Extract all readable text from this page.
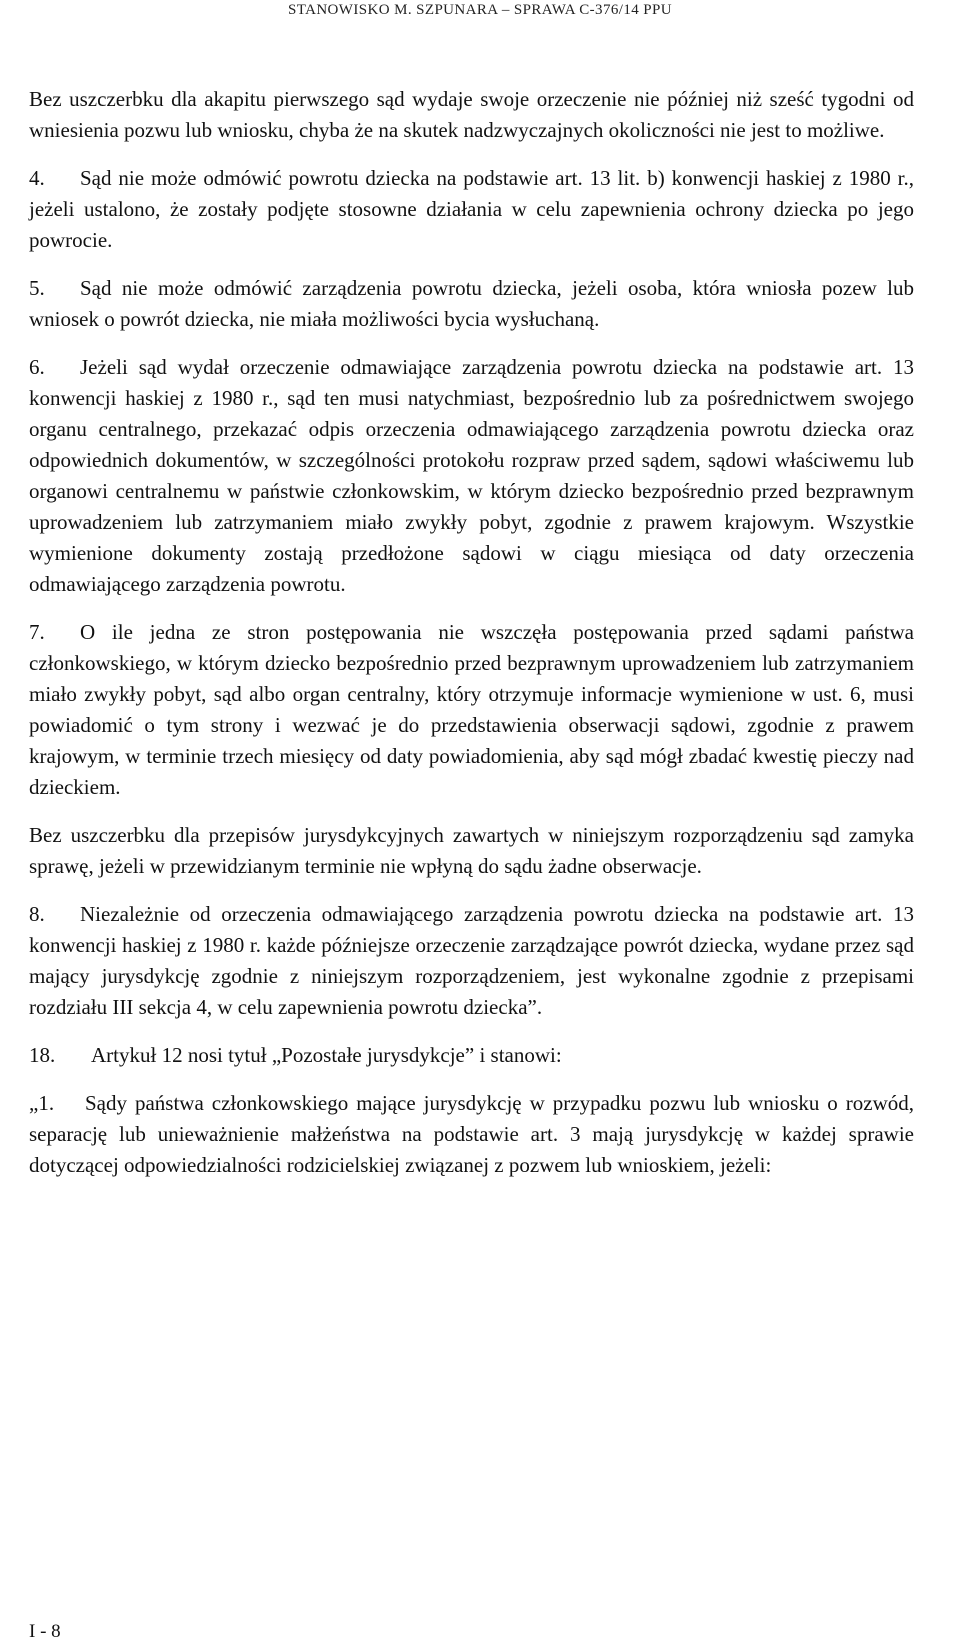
STANOWISKO M. SZPUNARA – SPRAWA C-376/14 PPU

Bez uszczerbku dla akapitu pierwszego sąd wydaje swoje orzeczenie nie później niż sześć tygodni od wniesienia pozwu lub wniosku, chyba że na skutek nadzwyczajnych okoliczności nie jest to możliwe.

4. Sąd nie może odmówić powrotu dziecka na podstawie art. 13 lit. b) konwencji haskiej z 1980 r., jeżeli ustalono, że zostały podjęte stosowne działania w celu zapewnienia ochrony dziecka po jego powrocie.

5. Sąd nie może odmówić zarządzenia powrotu dziecka, jeżeli osoba, która wniosła pozew lub wniosek o powrót dziecka, nie miała możliwości bycia wysłuchaną.

6. Jeżeli sąd wydał orzeczenie odmawiające zarządzenia powrotu dziecka na podstawie art. 13 konwencji haskiej z 1980 r., sąd ten musi natychmiast, bezpośrednio lub za pośrednictwem swojego organu centralnego, przekazać odpis orzeczenia odmawiającego zarządzenia powrotu dziecka oraz odpowiednich dokumentów, w szczególności protokołu rozpraw przed sądem, sądowi właściwemu lub organowi centralnemu w państwie członkowskim, w którym dziecko bezpośrednio przed bezprawnym uprowadzeniem lub zatrzymaniem miało zwykły pobyt, zgodnie z prawem krajowym. Wszystkie wymienione dokumenty zostają przedłożone sądowi w ciągu miesiąca od daty orzeczenia odmawiającego zarządzenia powrotu.

7. O ile jedna ze stron postępowania nie wszczęła postępowania przed sądami państwa członkowskiego, w którym dziecko bezpośrednio przed bezprawnym uprowadzeniem lub zatrzymaniem miało zwykły pobyt, sąd albo organ centralny, który otrzymuje informacje wymienione w ust. 6, musi powiadomić o tym strony i wezwać je do przedstawienia obserwacji sądowi, zgodnie z prawem krajowym, w terminie trzech miesięcy od daty powiadomienia, aby sąd mógł zbadać kwestię pieczy nad dzieckiem.

Bez uszczerbku dla przepisów jurysdykcyjnych zawartych w niniejszym rozporządzeniu sąd zamyka sprawę, jeżeli w przewidzianym terminie nie wpłyną do sądu żadne obserwacje.

8. Niezależnie od orzeczenia odmawiającego zarządzenia powrotu dziecka na podstawie art. 13 konwencji haskiej z 1980 r. każde późniejsze orzeczenie zarządzające powrót dziecka, wydane przez sąd mający jurysdykcję zgodnie z niniejszym rozporządzeniem, jest wykonalne zgodnie z przepisami rozdziału III sekcja 4, w celu zapewnienia powrotu dziecka”.

18. Artykuł 12 nosi tytuł „Pozostałe jurysdykcje” i stanowi:

„1. Sądy państwa członkowskiego mające jurysdykcję w przypadku pozwu lub wniosku o rozwód, separację lub unieważnienie małżeństwa na podstawie art. 3 mają jurysdykcję w każdej sprawie dotyczącej odpowiedzialności rodzicielskiej związanej z pozwem lub wnioskiem, jeżeli:

I - 8
